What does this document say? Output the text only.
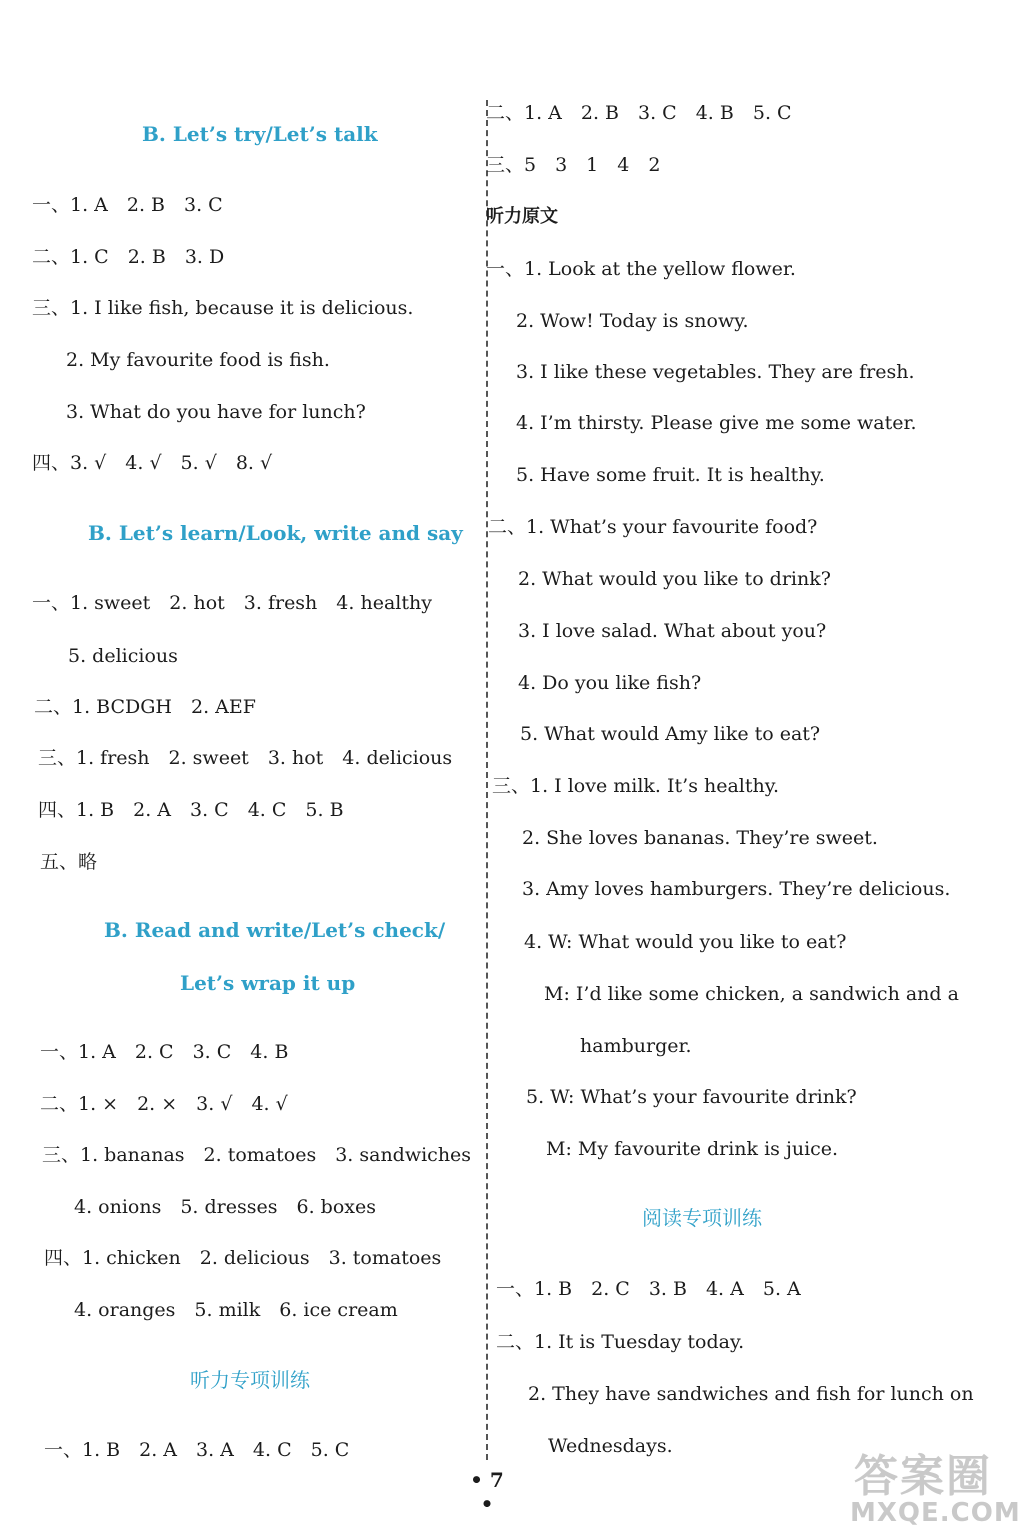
B. Let’s try/Let’s talk
一、1. A　2. B　3. C
二、1. C　2. B　3. D
三、1. I like fish, because it is delicious.
2. My favourite food is fish.
3. What do you have for lunch?
四、3. √　4. √　5. √　8. √
B. Let’s learn/Look, write and say
一、1. sweet　2. hot　3. fresh　4. healthy
5. delicious
二、1. BCDGH　2. AEF
三、1. fresh　2. sweet　3. hot　4. delicious
四、1. B　2. A　3. C　4. C　5. B
五、略
B. Read and write/Let’s check/
Let’s wrap it up
一、1. A　2. C　3. C　4. B
二、1. ×　2. ×　3. √　4. √
三、1. bananas　2. tomatoes　3. sandwiches
4. onions　5. dresses　6. boxes
四、1. chicken　2. delicious　3. tomatoes
4. oranges　5. milk　6. ice cream
听力专项训练
一、1. B　2. A　3. A　4. C　5. C
二、1. A　2. B　3. C　4. B　5. C
三、5　3　1　4　2
听力原文
一、1. Look at the yellow flower.
2. Wow! Today is snowy.
3. I like these vegetables. They are fresh.
4. I’m thirsty. Please give me some water.
5. Have some fruit. It is healthy.
二、1. What’s your favourite food?
2. What would you like to drink?
3. I love salad. What about you?
4. Do you like fish?
5. What would Amy like to eat?
三、1. I love milk. It’s healthy.
2. She loves bananas. They’re sweet.
3. Amy loves hamburgers. They’re delicious.
4. W: What would you like to eat?
M: I’d like some chicken, a sandwich and a
hamburger.
5. W: What’s your favourite drink?
M: My favourite drink is juice.
阅读专项训练
一、1. B　2. C　3. B　4. A　5. A
二、1. It is Tuesday today.
2. They have sandwiches and fish for lunch on
Wednesdays.
• 7 •
答案圈
MXQE.COM
